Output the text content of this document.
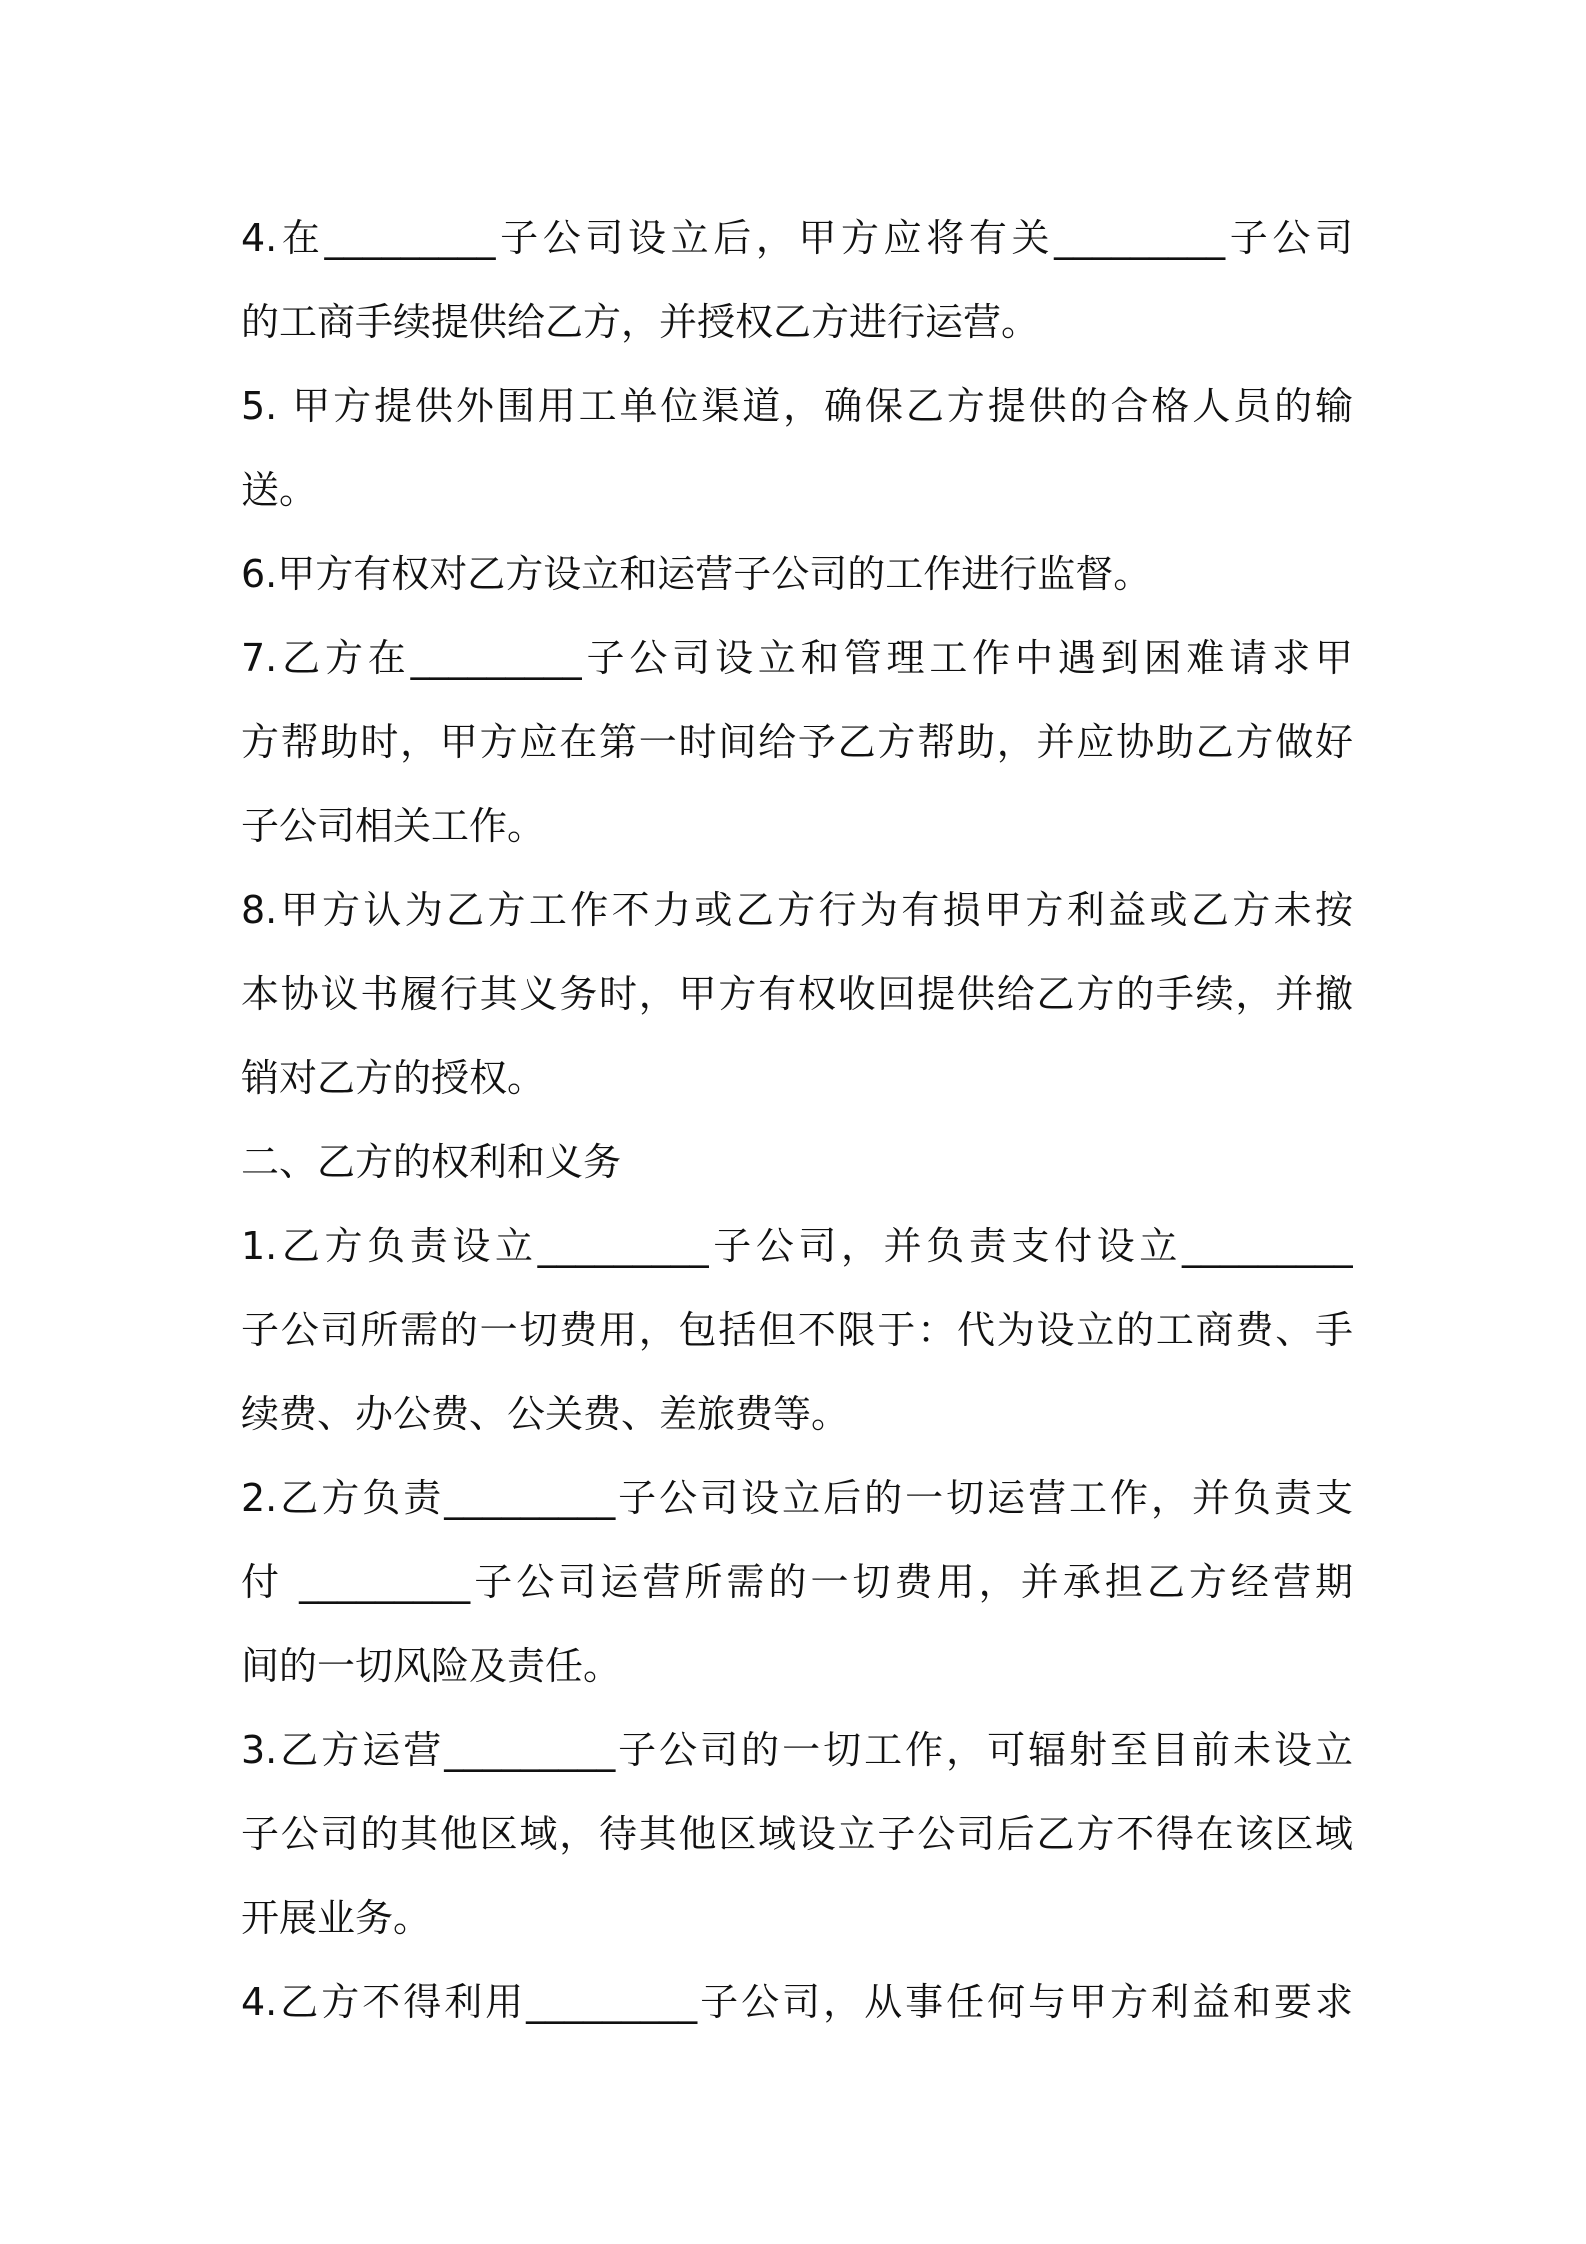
4.在_________子公司设立后，甲方应将有关_________子公司
的工商手续提供给乙方，并授权乙方进行运营。
5. 甲方提供外围用工单位渠道，确保乙方提供的合格人员的输
送。
6.甲方有权对乙方设立和运营子公司的工作进行监督。
7.乙方在_________子公司设立和管理工作中遇到困难请求甲
方帮助时，甲方应在第一时间给予乙方帮助，并应协助乙方做好
子公司相关工作。
8.甲方认为乙方工作不力或乙方行为有损甲方利益或乙方未按
本协议书履行其义务时，甲方有权收回提供给乙方的手续，并撤
销对乙方的授权。
二、乙方的权利和义务
1.乙方负责设立_________子公司，并负责支付设立_________
子公司所需的一切费用，包括但不限于：代为设立的工商费、手
续费、办公费、公关费、差旅费等。
2.乙方负责_________子公司设立后的一切运营工作，并负责支
付 _________子公司运营所需的一切费用，并承担乙方经营期
间的一切风险及责任。
3.乙方运营_________子公司的一切工作，可辐射至目前未设立
子公司的其他区域，待其他区域设立子公司后乙方不得在该区域
开展业务。
4.乙方不得利用_________子公司，从事任何与甲方利益和要求
